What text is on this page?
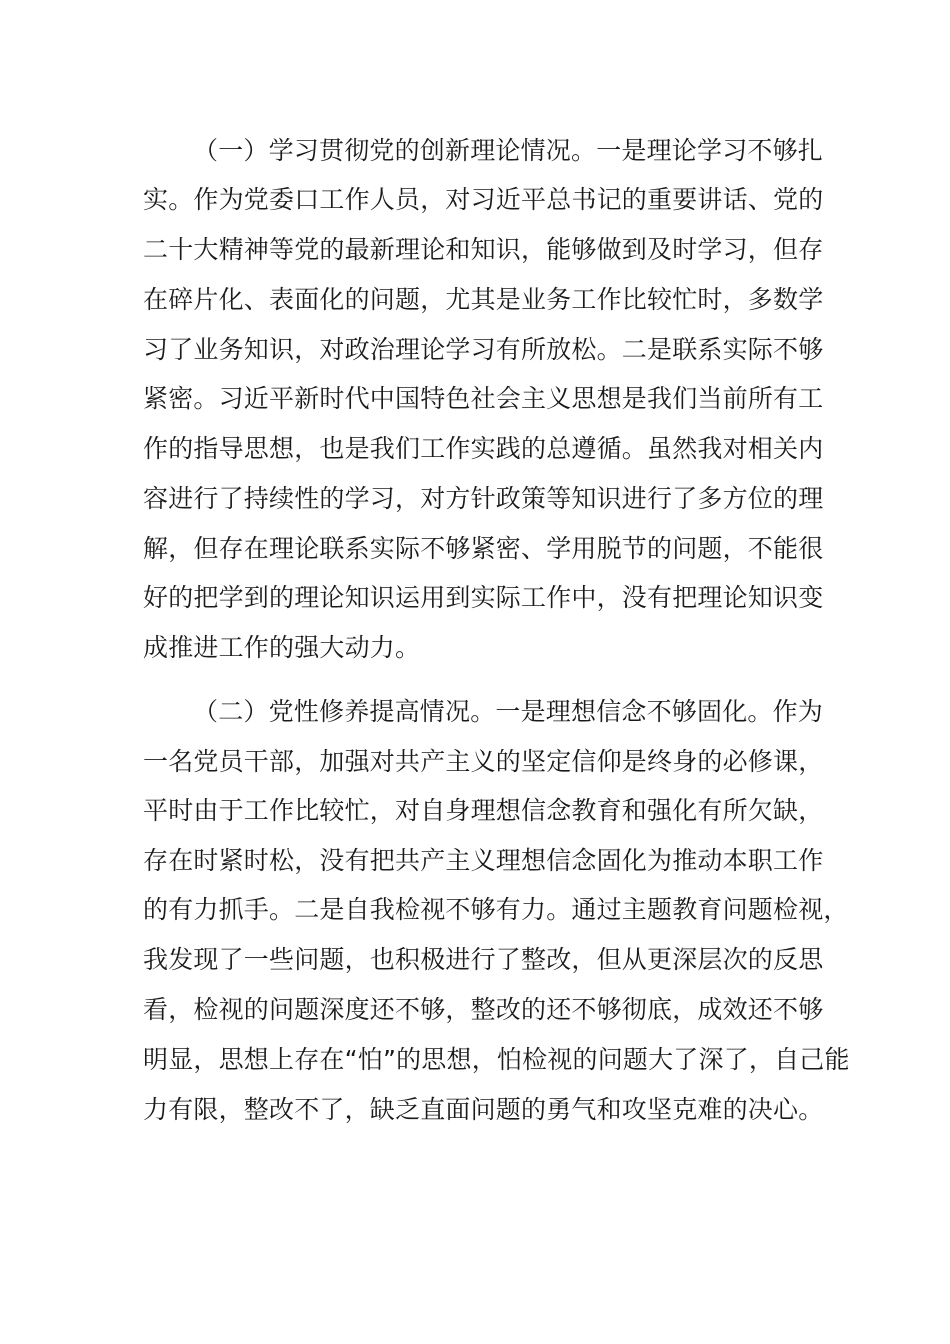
（一）学习贯彻党的创新理论情况。一是理论学习不够扎
实。作为党委口工作人员，对习近平总书记的重要讲话、党的
二十大精神等党的最新理论和知识，能够做到及时学习，但存
在碎片化、表面化的问题，尤其是业务工作比较忙时，多数学
习了业务知识，对政治理论学习有所放松。二是联系实际不够
紧密。习近平新时代中国特色社会主义思想是我们当前所有工
作的指导思想，也是我们工作实践的总遵循。虽然我对相关内
容进行了持续性的学习，对方针政策等知识进行了多方位的理
解，但存在理论联系实际不够紧密、学用脱节的问题，不能很
好的把学到的理论知识运用到实际工作中，没有把理论知识变
成推进工作的强大动力。
（二）党性修养提高情况。一是理想信念不够固化。作为
一名党员干部，加强对共产主义的坚定信仰是终身的必修课，
平时由于工作比较忙，对自身理想信念教育和强化有所欠缺，
存在时紧时松，没有把共产主义理想信念固化为推动本职工作
的有力抓手。二是自我检视不够有力。通过主题教育问题检视，
我发现了一些问题，也积极进行了整改，但从更深层次的反思
看，检视的问题深度还不够，整改的还不够彻底，成效还不够
明显，思想上存在“怕”的思想，怕检视的问题大了深了，自己能
力有限，整改不了，缺乏直面问题的勇气和攻坚克难的决心。
